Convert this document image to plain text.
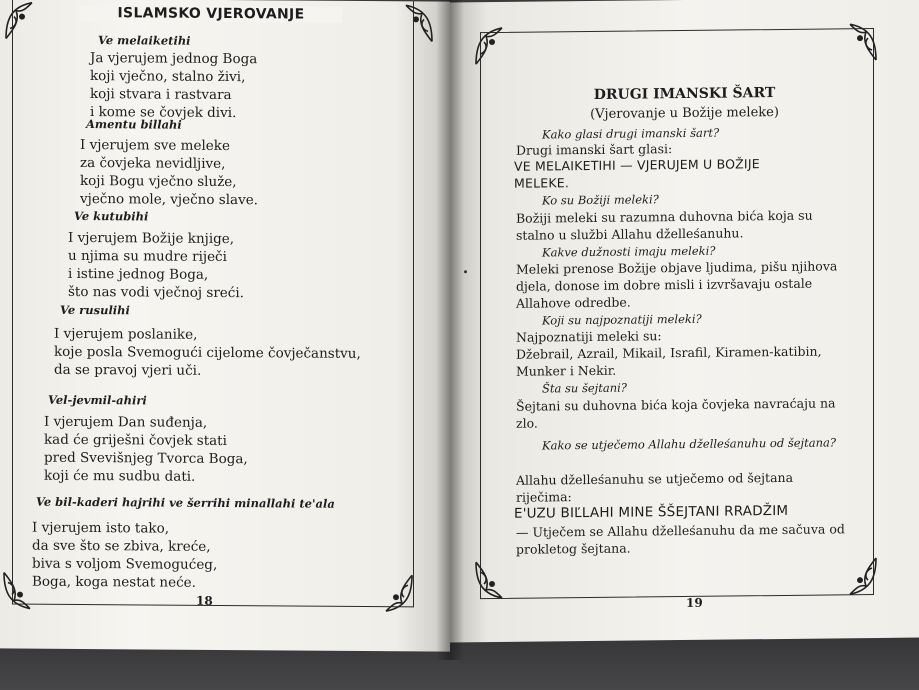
ISLAMSKO VJEROVANJE
Ve melaiketihi
Ja vjerujem jednog Boga
koji vječno, stalno živi,
koji stvara i rastvara
i kome se čovjek divi.
Amentu billahi
I vjerujem sve meleke
za čovjeka nevidljive,
koji Bogu vječno služe,
vječno mole, vječno slave.
Ve kutubihi
I vjerujem Božije knjige,
u njima su mudre riječi
i istine jednog Boga,
što nas vodi vječnoj sreći.
Ve rusulihi
I vjerujem poslanike,
koje posla Svemogući cijelome čovječanstvu,
da se pravoj vjeri uči.
Vel-jevmil-ahiri
I vjerujem Dan suđenja,
kad će griješni čovjek stati
pred Svevišnjeg Tvorca Boga,
koji će mu sudbu dati.
Ve bil-kaderi hajrihi ve šerrihi minallahi te'ala
I vjerujem isto tako,
da sve što se zbiva, kreće,
biva s voljom Svemogućeg,
Boga, koga nestat neće.
18
DRUGI IMANSKI ŠART
(Vjerovanje u Božije meleke)
Kako glasi drugi imanski šart?
Drugi imanski šart glasi:
VE MELAIKETIHI — VJERUJEM U BOŽIJE
MELEKE.
Ko su Božiji meleki?
Božiji meleki su razumna duhovna bića koja su
stalno u službi Allahu dželleśanuhu.
Kakve dužnosti imaju meleki?
Meleki prenose Božije objave ljudima, pišu njihova
djela, donose im dobre misli i izvršavaju ostale
Allahove odredbe.
Koji su najpoznatiji meleki?
Najpoznatiji meleki su:
Džebrail, Azrail, Mikail, Israfil, Kiramen-katibin,
Munker i Nekir.
Šta su šejtani?
Šejtani su duhovna bića koja čovjeka navraćaju na
zlo.
Kako se utječemo Allahu dželleśanuhu od šejtana?
Allahu dželleśanuhu se utječemo od šejtana
riječima:
E'UZU BIĽLAHI MINE ŠŠEJTANI RRADŽIM
— Utječem se Allahu dželleśanuhu da me sačuva od
prokletog šejtana.
19
